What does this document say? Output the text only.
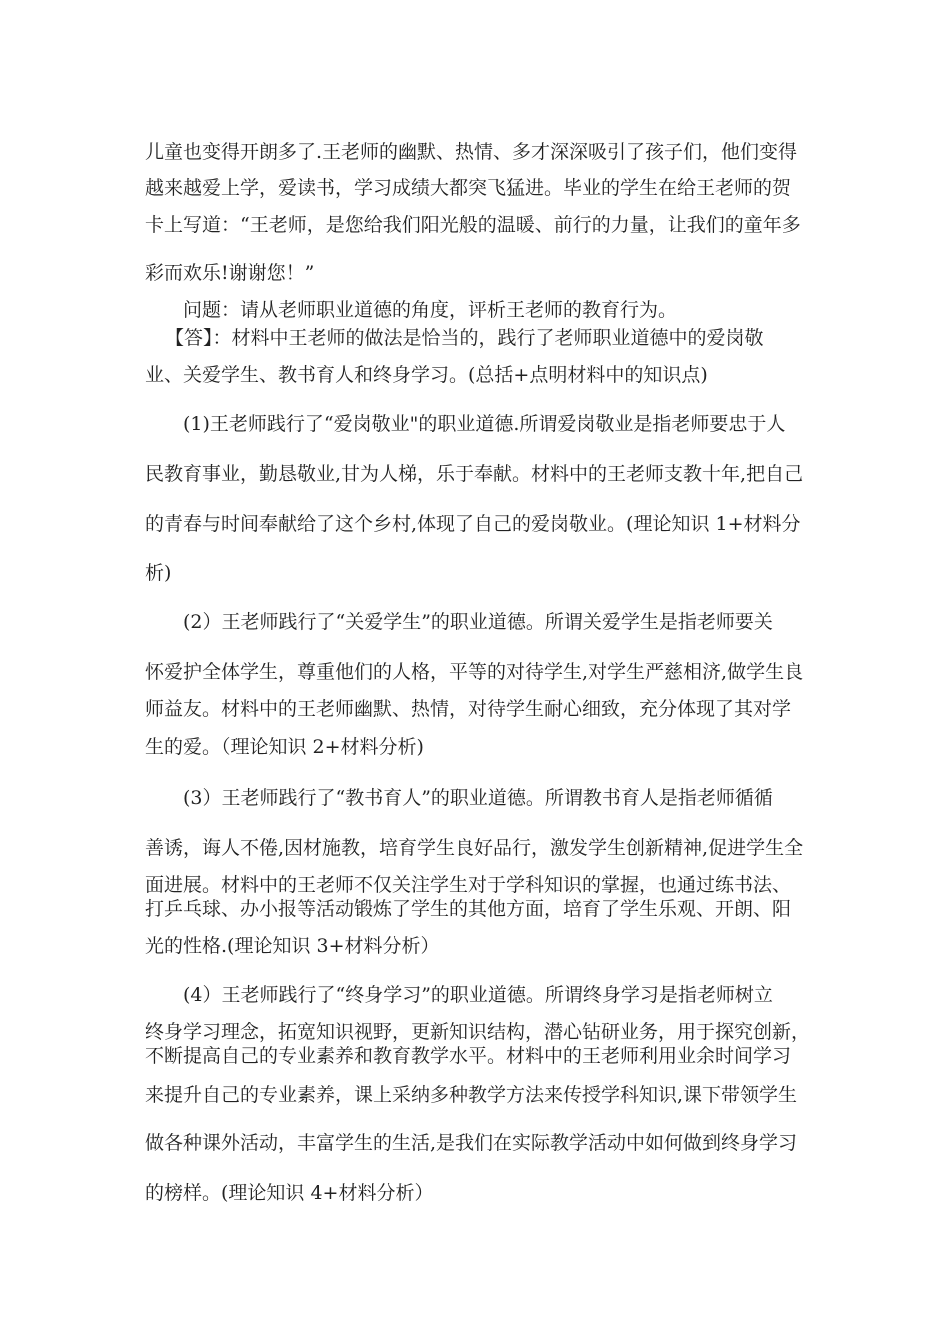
儿童也变得开朗多了.王老师的幽默、热情、多才深深吸引了孩子们，他们变得

越来越爱上学，爱读书，学习成绩大都突飞猛进。毕业的学生在给王老师的贺

卡上写道：“王老师，是您给我们阳光般的温暖、前行的力量，让我们的童年多

彩而欢乐!谢谢您！”

问题：请从老师职业道德的角度，评析王老师的教育行为。

【答】：材料中王老师的做法是恰当的，践行了老师职业道德中的爱岗敬

业、关爱学生、教书育人和终身学习。(总括+点明材料中的知识点)

(1)王老师践行了“爱岗敬业"的职业道德.所谓爱岗敬业是指老师要忠于人

民教育事业，勤恳敬业,甘为人梯，乐于奉献。材料中的王老师支教十年,把自己

的青春与时间奉献给了这个乡村,体现了自己的爱岗敬业。(理论知识 1+材料分

析)

(2）王老师践行了“关爱学生”的职业道德。所谓关爱学生是指老师要关

怀爱护全体学生，尊重他们的人格，平等的对待学生,对学生严慈相济,做学生良

师益友。材料中的王老师幽默、热情，对待学生耐心细致，充分体现了其对学

生的爱。（理论知识 2+材料分析)

(3）王老师践行了“教书育人”的职业道德。所谓教书育人是指老师循循

善诱，诲人不倦,因材施教，培育学生良好品行，激发学生创新精神,促进学生全

面进展。材料中的王老师不仅关注学生对于学科知识的掌握，也通过练书法、

打乒乓球、办小报等活动锻炼了学生的其他方面，培育了学生乐观、开朗、阳

光的性格.(理论知识 3+材料分析）

(4）王老师践行了“终身学习”的职业道德。所谓终身学习是指老师树立

终身学习理念，拓宽知识视野，更新知识结构，潜心钻研业务，用于探究创新，

不断提高自己的专业素养和教育教学水平。材料中的王老师利用业余时间学习

来提升自己的专业素养，课上采纳多种教学方法来传授学科知识,课下带领学生

做各种课外活动，丰富学生的生活,是我们在实际教学活动中如何做到终身学习

的榜样。(理论知识 4+材料分析）
